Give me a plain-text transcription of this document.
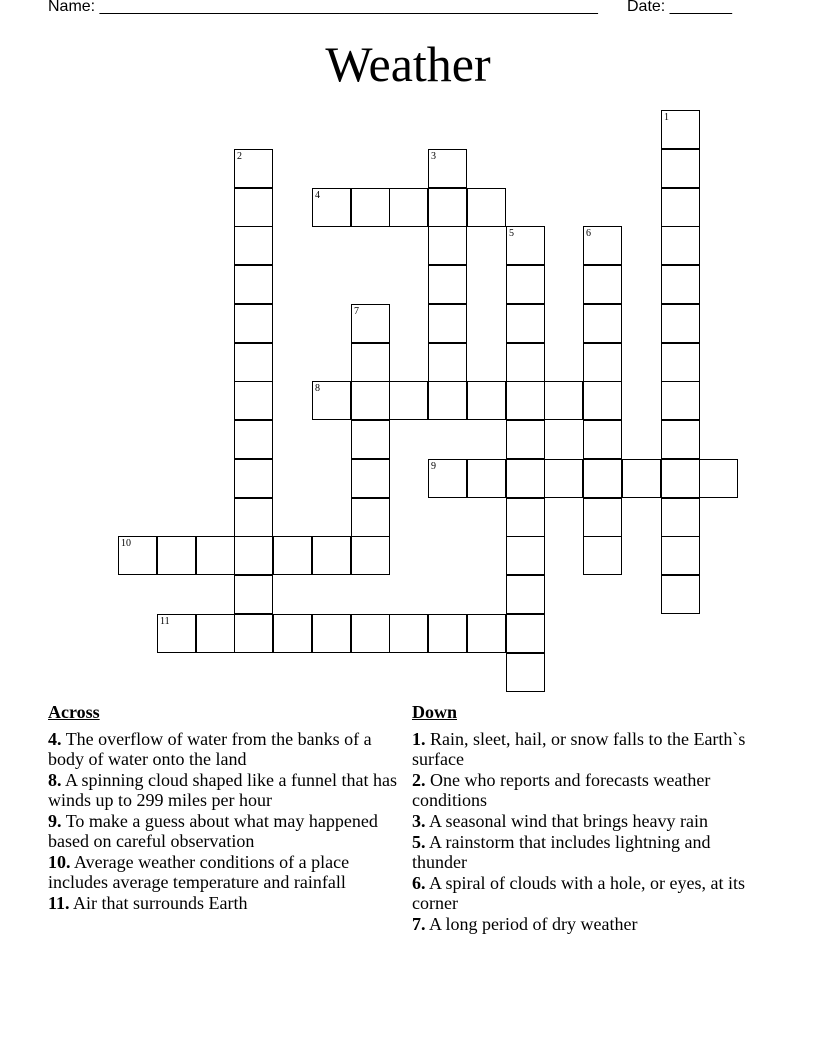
Name: ________________________________________________________ Date: _______
Weather
1
2	3
4
5	6
7
8
9
10
11
Across
4. The overflow of water from the banks of a body of water onto the land
8. A spinning cloud shaped like a funnel that has winds up to 299 miles per hour
9. To make a guess about what may happened based on careful observation
10. Average weather conditions of a place includes average temperature and rainfall
11. Air that surrounds Earth
Down
1. Rain, sleet, hail, or snow falls to the Earth`s surface
2. One who reports and forecasts weather conditions
3. A seasonal wind that brings heavy rain
5. A rainstorm that includes lightning and thunder
6. A spiral of clouds with a hole, or eyes, at its corner
7. A long period of dry weather
